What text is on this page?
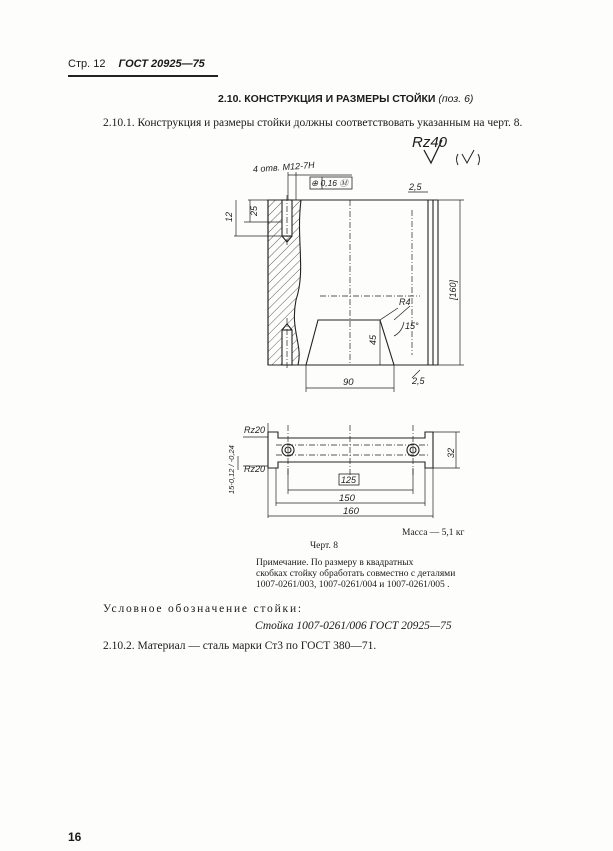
Стр. 12 ГОСТ 20925—75
2.10. КОНСТРУКЦИЯ И РАЗМЕРЫ СТОЙКИ (поз. 6)
2.10.1. Конструкция и размеры стойки должны соответствовать указанным на черт. 8.
Rz40
4 отв. М12-7Н
⊕ 0,16 Ⓜ	2,5
12
25
[160]
R4
15°
45
90	2,5
Rz20
Rz20
15-0,12 / -0,24	32
125
150
160
Масса — 5,1 кг
Черт. 8
Примечание. По размеру в квадратных
скобках стойку обработать совместно с деталями
1007-0261/003, 1007-0261/004 и 1007-0261/005 .
Условное обозначение стойки:
Стойка 1007-0261/006 ГОСТ 20925—75
2.10.2. Материал — сталь марки Ст3 по ГОСТ 380—71.
16
